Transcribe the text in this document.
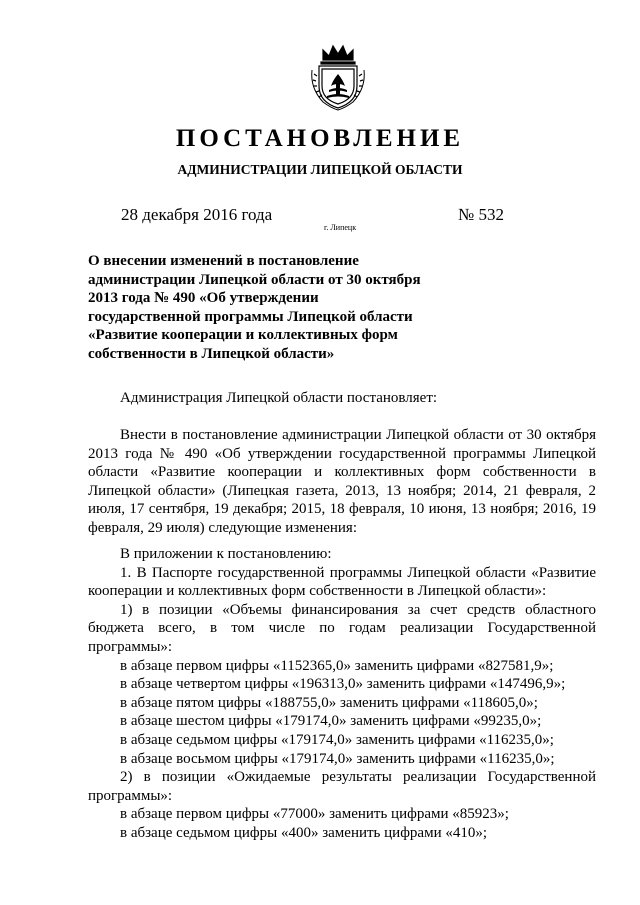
ПОСТАНОВЛЕНИЕ
АДМИНИСТРАЦИИ ЛИПЕЦКОЙ ОБЛАСТИ
28 декабря 2016 года
г. Липецк
№ 532
О внесении изменений в постановление
администрации Липецкой области от 30 октября
2013 года № 490 «Об утверждении
государственной программы Липецкой области
«Развитие кооперации и коллективных форм
собственности в Липецкой области»
Администрация Липецкой области постановляет:
Внести в постановление администрации Липецкой области от 30 октября
2013 года № 490 «Об утверждении государственной программы Липецкой
области «Развитие кооперации и коллективных форм собственности в
Липецкой области» (Липецкая газета, 2013, 13 ноября; 2014, 21 февраля, 2
июля, 17 сентября, 19 декабря; 2015, 18 февраля, 10 июня, 13 ноября; 2016, 19
февраля, 29 июля) следующие изменения:
В приложении к постановлению:
1. В Паспорте государственной программы Липецкой области «Развитие
кооперации и коллективных форм собственности в Липецкой области»:
1) в позиции «Объемы финансирования за счет средств областного
бюджета всего, в том числе по годам реализации Государственной
программы»:
в абзаце первом цифры «1152365,0» заменить цифрами «827581,9»;
в абзаце четвертом цифры «196313,0» заменить цифрами «147496,9»;
в абзаце пятом цифры «188755,0» заменить цифрами «118605,0»;
в абзаце шестом цифры «179174,0» заменить цифрами «99235,0»;
в абзаце седьмом цифры «179174,0» заменить цифрами «116235,0»;
в абзаце восьмом цифры «179174,0» заменить цифрами «116235,0»;
2) в позиции «Ожидаемые результаты реализации Государственной
программы»:
в абзаце первом цифры «77000» заменить цифрами «85923»;
в абзаце седьмом цифры «400» заменить цифрами «410»;
